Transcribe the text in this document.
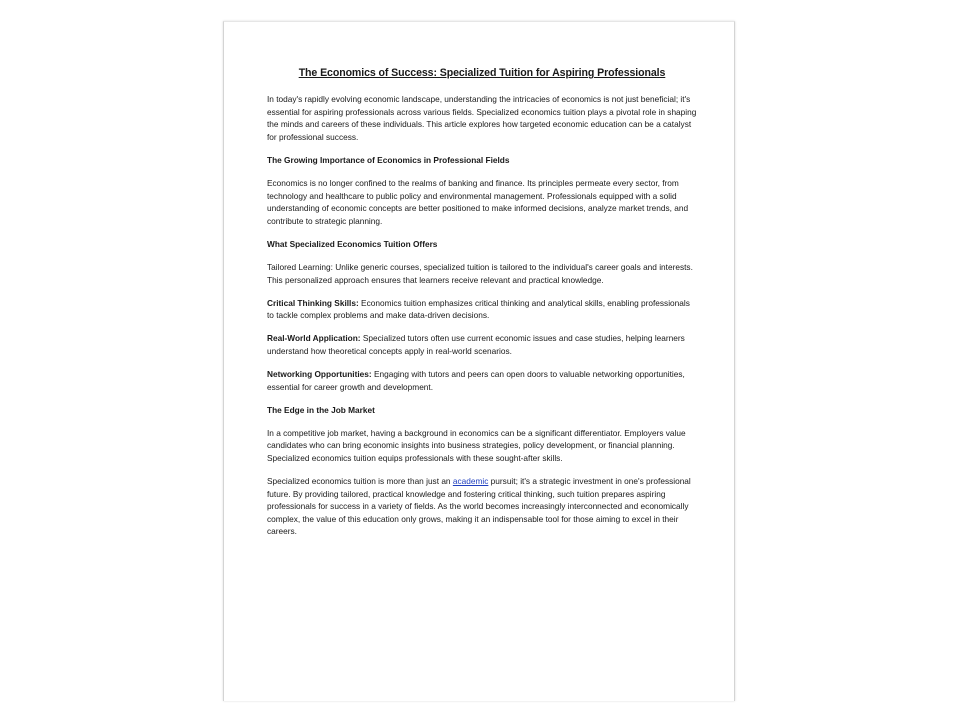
The Economics of Success: Specialized Tuition for Aspiring Professionals

In today's rapidly evolving economic landscape, understanding the intricacies of economics is not just beneficial; it's essential for aspiring professionals across various fields. Specialized economics tuition plays a pivotal role in shaping the minds and careers of these individuals. This article explores how targeted economic education can be a catalyst for professional success.

The Growing Importance of Economics in Professional Fields

Economics is no longer confined to the realms of banking and finance. Its principles permeate every sector, from technology and healthcare to public policy and environmental management. Professionals equipped with a solid understanding of economic concepts are better positioned to make informed decisions, analyze market trends, and contribute to strategic planning.

What Specialized Economics Tuition Offers

Tailored Learning: Unlike generic courses, specialized tuition is tailored to the individual's career goals and interests. This personalized approach ensures that learners receive relevant and practical knowledge.

Critical Thinking Skills: Economics tuition emphasizes critical thinking and analytical skills, enabling professionals to tackle complex problems and make data-driven decisions.

Real-World Application: Specialized tutors often use current economic issues and case studies, helping learners understand how theoretical concepts apply in real-world scenarios.

Networking Opportunities: Engaging with tutors and peers can open doors to valuable networking opportunities, essential for career growth and development.

The Edge in the Job Market

In a competitive job market, having a background in economics can be a significant differentiator. Employers value candidates who can bring economic insights into business strategies, policy development, or financial planning. Specialized economics tuition equips professionals with these sought-after skills.

Specialized economics tuition is more than just an academic pursuit; it's a strategic investment in one's professional future. By providing tailored, practical knowledge and fostering critical thinking, such tuition prepares aspiring professionals for success in a variety of fields. As the world becomes increasingly interconnected and economically complex, the value of this education only grows, making it an indispensable tool for those aiming to excel in their careers.
